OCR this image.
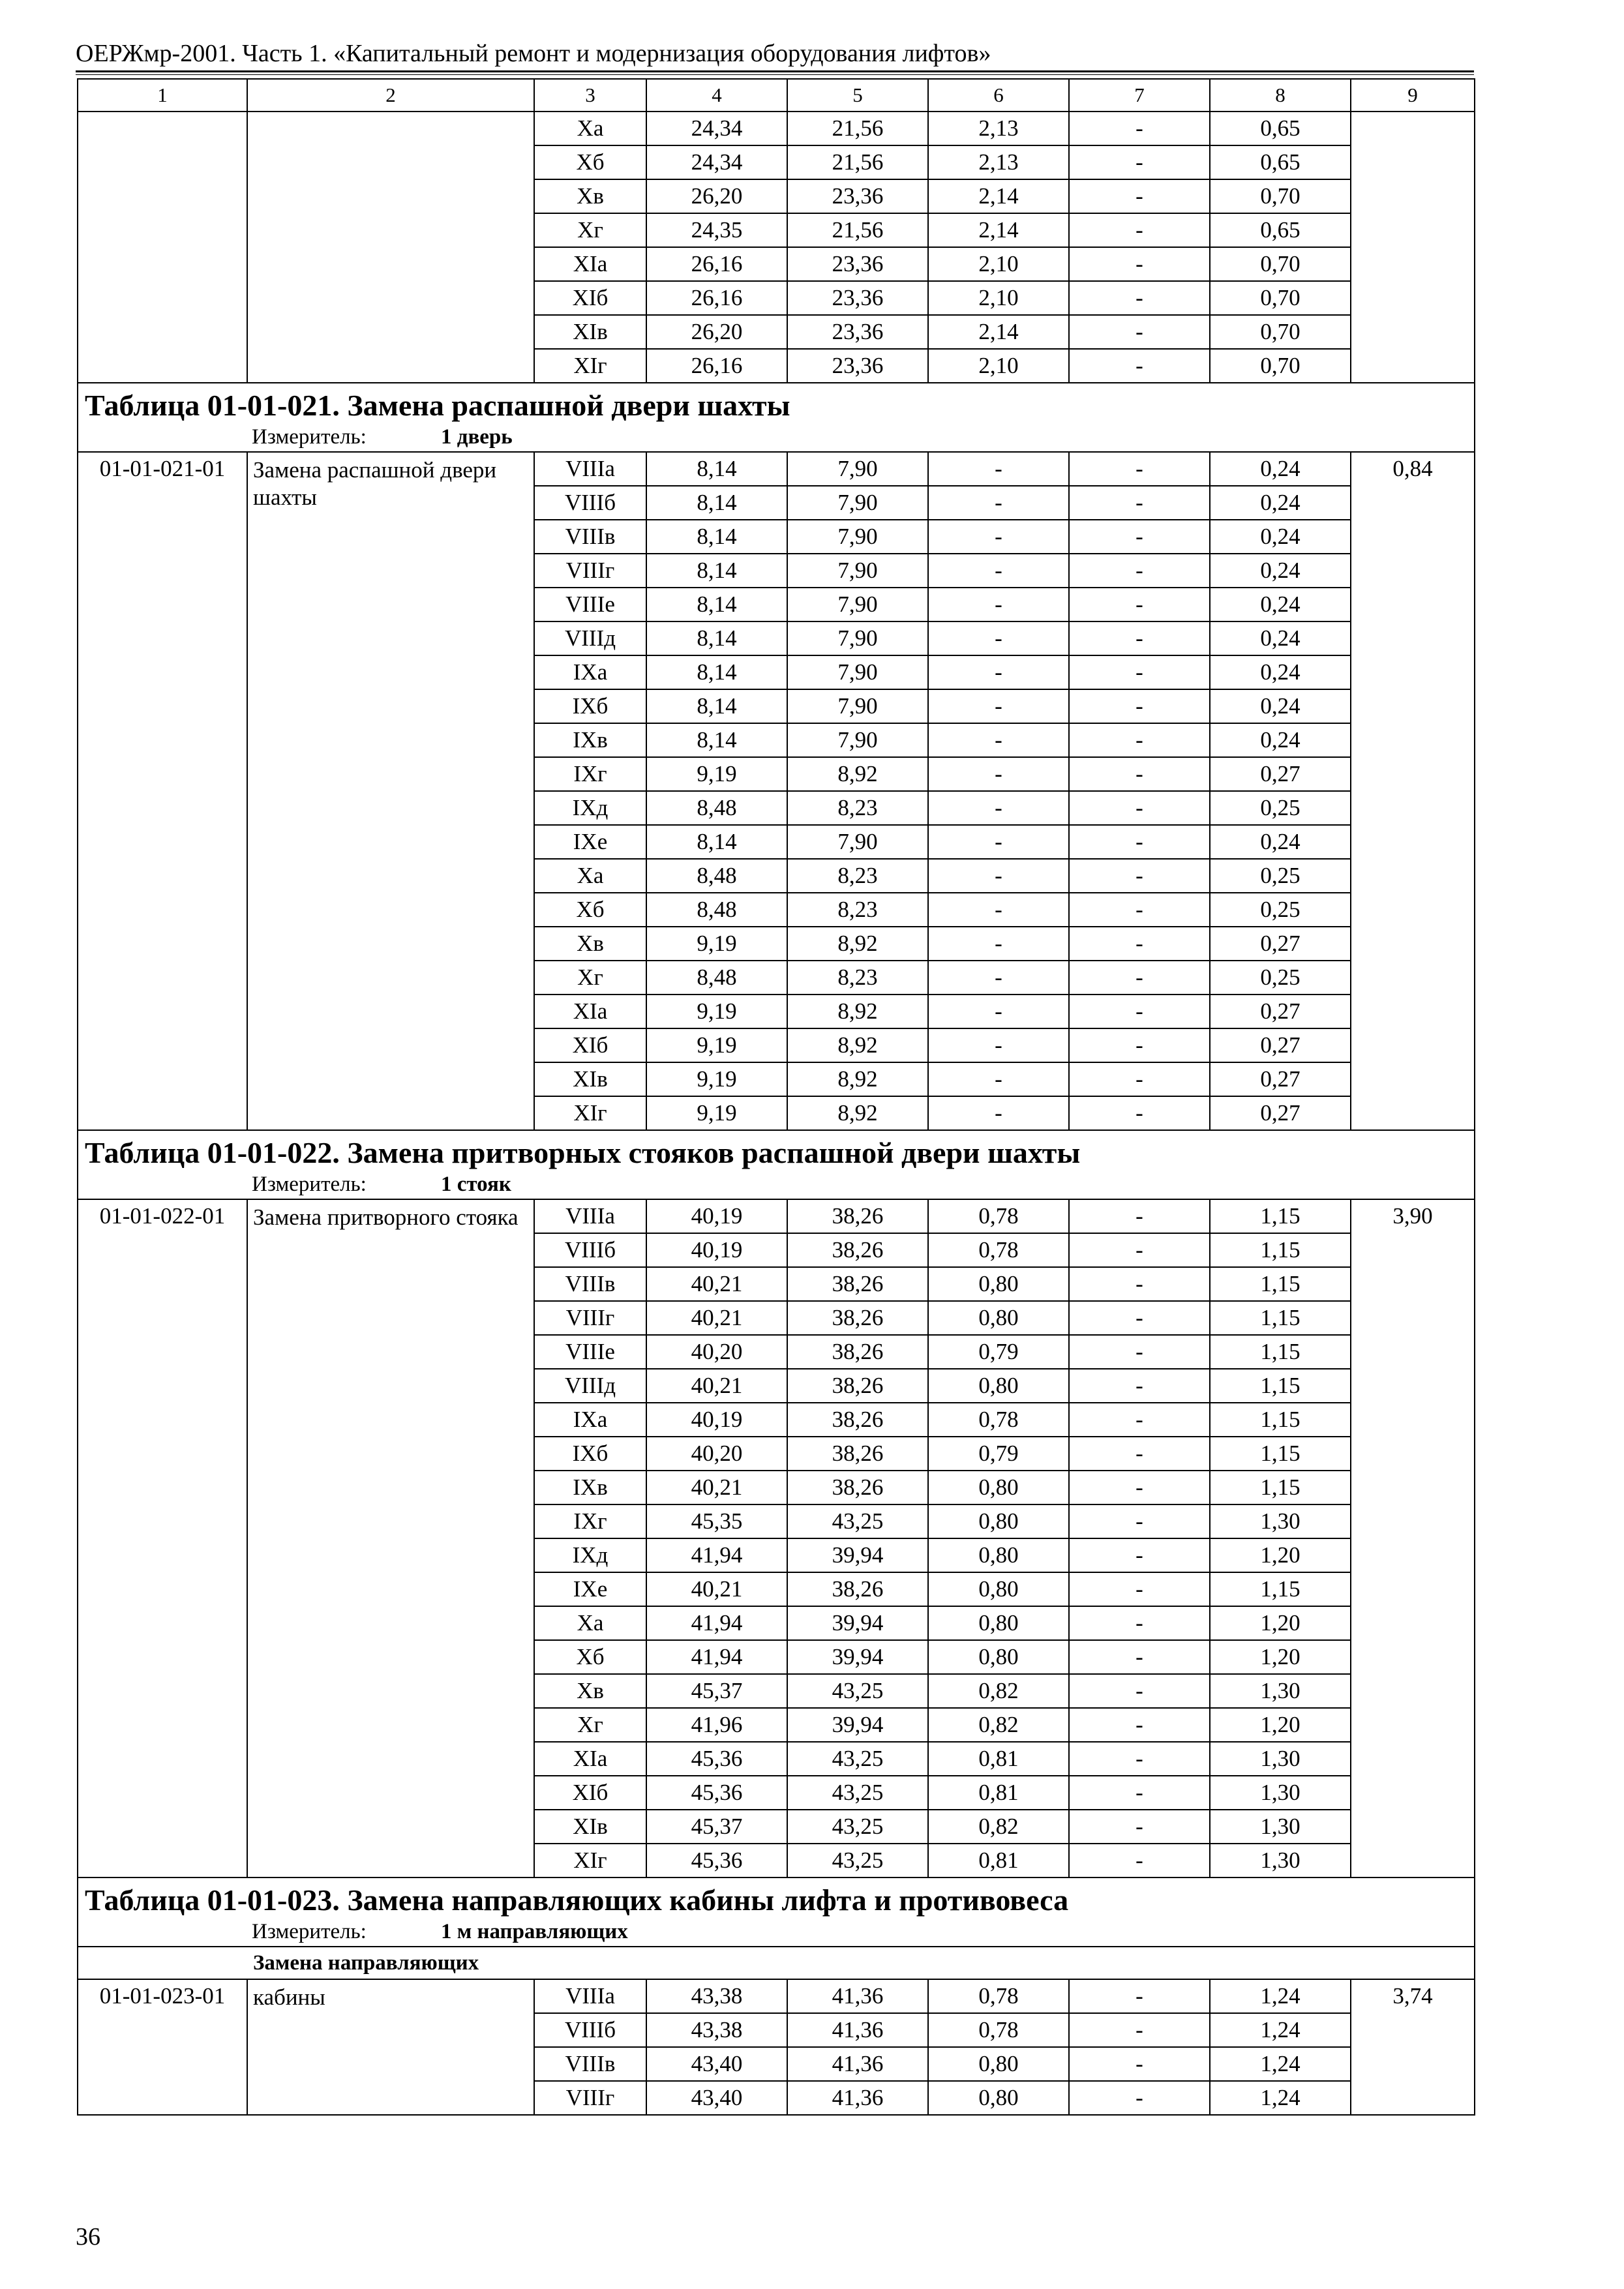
ОЕРЖмр-2001. Часть 1. «Капитальный ремонт и модернизация оборудования лифтов»
1	2	3	4	5	6	7	8	9
		Xa	24,34	21,56	2,13	-	0,65	
		Xб	24,34	21,56	2,13	-	0,65	
		Xв	26,20	23,36	2,14	-	0,70	
		Xг	24,35	21,56	2,14	-	0,65	
		XIa	26,16	23,36	2,10	-	0,70	
		XIб	26,16	23,36	2,10	-	0,70	
		XIв	26,20	23,36	2,14	-	0,70	
		XIг	26,16	23,36	2,10	-	0,70	
Таблица 01-01-021. Замена распашной двери шахты								
Измеритель: 1 дверь								
01-01-021-01	Замена распашной двери шахты	VIIIa	8,14	7,90	-	-	0,24	0,84
		VIIIб	8,14	7,90	-	-	0,24	
		VIIIв	8,14	7,90	-	-	0,24	
		VIIIг	8,14	7,90	-	-	0,24	
		VIIIе	8,14	7,90	-	-	0,24	
		VIIIд	8,14	7,90	-	-	0,24	
		IXa	8,14	7,90	-	-	0,24	
		IXб	8,14	7,90	-	-	0,24	
		IXв	8,14	7,90	-	-	0,24	
		IXг	9,19	8,92	-	-	0,27	
		IXд	8,48	8,23	-	-	0,25	
		IXе	8,14	7,90	-	-	0,24	
		Xa	8,48	8,23	-	-	0,25	
		Xб	8,48	8,23	-	-	0,25	
		Xв	9,19	8,92	-	-	0,27	
		Xг	8,48	8,23	-	-	0,25	
		XIa	9,19	8,92	-	-	0,27	
		XIб	9,19	8,92	-	-	0,27	
		XIв	9,19	8,92	-	-	0,27	
		XIг	9,19	8,92	-	-	0,27	
Таблица 01-01-022. Замена притворных стояков распашной двери шахты								
Измеритель: 1 стояк								
01-01-022-01	Замена притворного стояка	VIIIa	40,19	38,26	0,78	-	1,15	3,90
		VIIIб	40,19	38,26	0,78	-	1,15	
		VIIIв	40,21	38,26	0,80	-	1,15	
		VIIIг	40,21	38,26	0,80	-	1,15	
		VIIIе	40,20	38,26	0,79	-	1,15	
		VIIIд	40,21	38,26	0,80	-	1,15	
		IXa	40,19	38,26	0,78	-	1,15	
		IXб	40,20	38,26	0,79	-	1,15	
		IXв	40,21	38,26	0,80	-	1,15	
		IXг	45,35	43,25	0,80	-	1,30	
		IXд	41,94	39,94	0,80	-	1,20	
		IXе	40,21	38,26	0,80	-	1,15	
		Xa	41,94	39,94	0,80	-	1,20	
		Xб	41,94	39,94	0,80	-	1,20	
		Xв	45,37	43,25	0,82	-	1,30	
		Xг	41,96	39,94	0,82	-	1,20	
		XIa	45,36	43,25	0,81	-	1,30	
		XIб	45,36	43,25	0,81	-	1,30	
		XIв	45,37	43,25	0,82	-	1,30	
		XIг	45,36	43,25	0,81	-	1,30	
Таблица 01-01-023. Замена направляющих кабины лифта и противовеса								
Измеритель: 1 м направляющих								
Замена направляющих								
01-01-023-01	кабины	VIIIa	43,38	41,36	0,78	-	1,24	3,74
		VIIIб	43,38	41,36	0,78	-	1,24	
		VIIIв	43,40	41,36	0,80	-	1,24	
		VIIIг	43,40	41,36	0,80	-	1,24	
36
